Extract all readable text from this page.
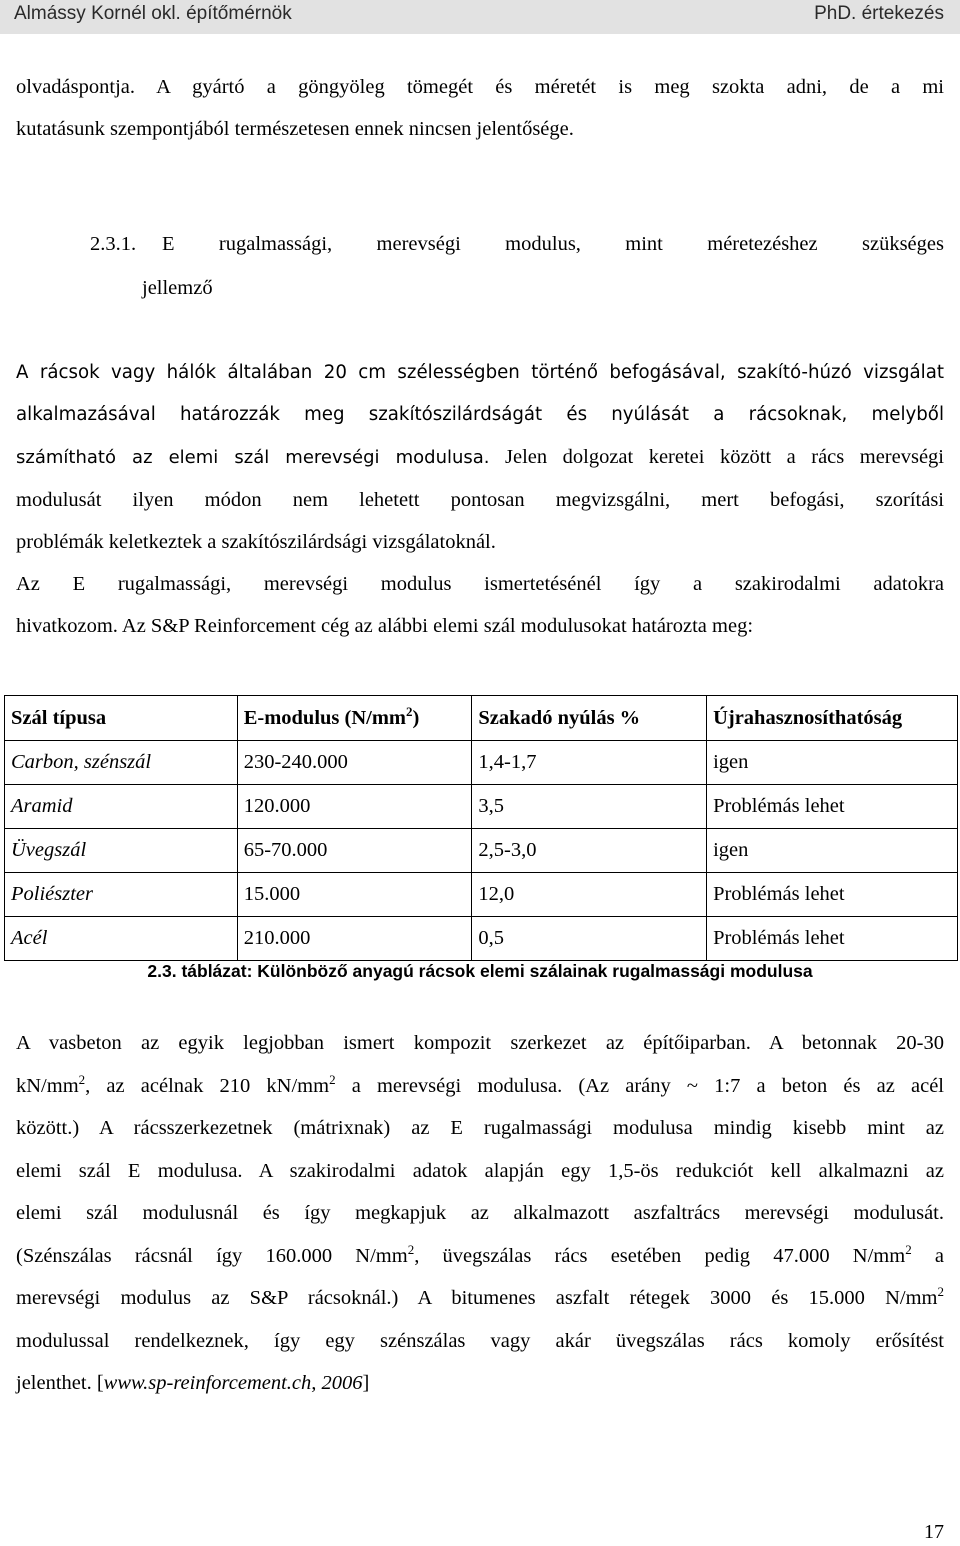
Almássy Kornél okl. építőmérnök	PhD. értekezés
olvadáspontja. A gyártó a göngyöleg tömegét és méretét is meg szokta adni, de a mi
kutatásunk szempontjából természetesen ennek nincsen jelentősége.
2.3.1. E rugalmassági, merevségi modulus, mint méretezéshez szükséges
jellemző
A rácsok vagy hálók általában 20 cm szélességben történő befogásával, szakító-húzó vizsgálat
alkalmazásával határozzák meg szakítószilárdságát és nyúlását a rácsoknak, melyből
számítható az elemi szál merevségi modulusa. Jelen dolgozat keretei között a rács merevségi
modulusát ilyen módon nem lehetett pontosan megvizsgálni, mert befogási, szorítási
problémák keletkeztek a szakítószilárdsági vizsgálatoknál.
Az E rugalmassági, merevségi modulus ismertetésénél így a szakirodalmi adatokra
hivatkozom. Az S&P Reinforcement cég az alábbi elemi szál modulusokat határozta meg:
Szál típusa	E-modulus $(N/mm^2)$	Szakadó nyúlás %	Újrahasznosíthatóság
Carbon, szénszál	230-240.000	1,4-1,7	igen
Aramid	120.000	3,5	Problémás lehet
Üvegszál	65-70.000	2,5-3,0	igen
Poliészter	15.000	12,0	Problémás lehet
Acél	210.000	0,5	Problémás lehet
2.3. táblázat: Különböző anyagú rácsok elemi szálainak rugalmassági modulusa
A vasbeton az egyik legjobban ismert kompozit szerkezet az építőiparban. A betonnak 20-30
$kN/mm^2$, az acélnak 210 $kN/mm^2$ a merevségi modulusa. (Az arány ~ 1:7 a beton és az acél
között.) A rácsszerkezetnek (mátrixnak) az E rugalmassági modulusa mindig kisebb mint az
elemi szál E modulusa. A szakirodalmi adatok alapján egy 1,5-ös redukciót kell alkalmazni az
elemi szál modulusnál és így megkapjuk az alkalmazott aszfaltrács merevségi modulusát.
(Szénszálas rácsnál így 160.000 $N/mm^2$, üvegszálas rács esetében pedig 47.000 $N/mm^2$ a
merevségi modulus az S&P rácsoknál.) A bitumenes aszfalt rétegek 3000 és 15.000 $N/mm^2$
modulussal rendelkeznek, így egy szénszálas vagy akár üvegszálas rács komoly erősítést
jelenthet. [www.sp-reinforcement.ch, 2006]
17
